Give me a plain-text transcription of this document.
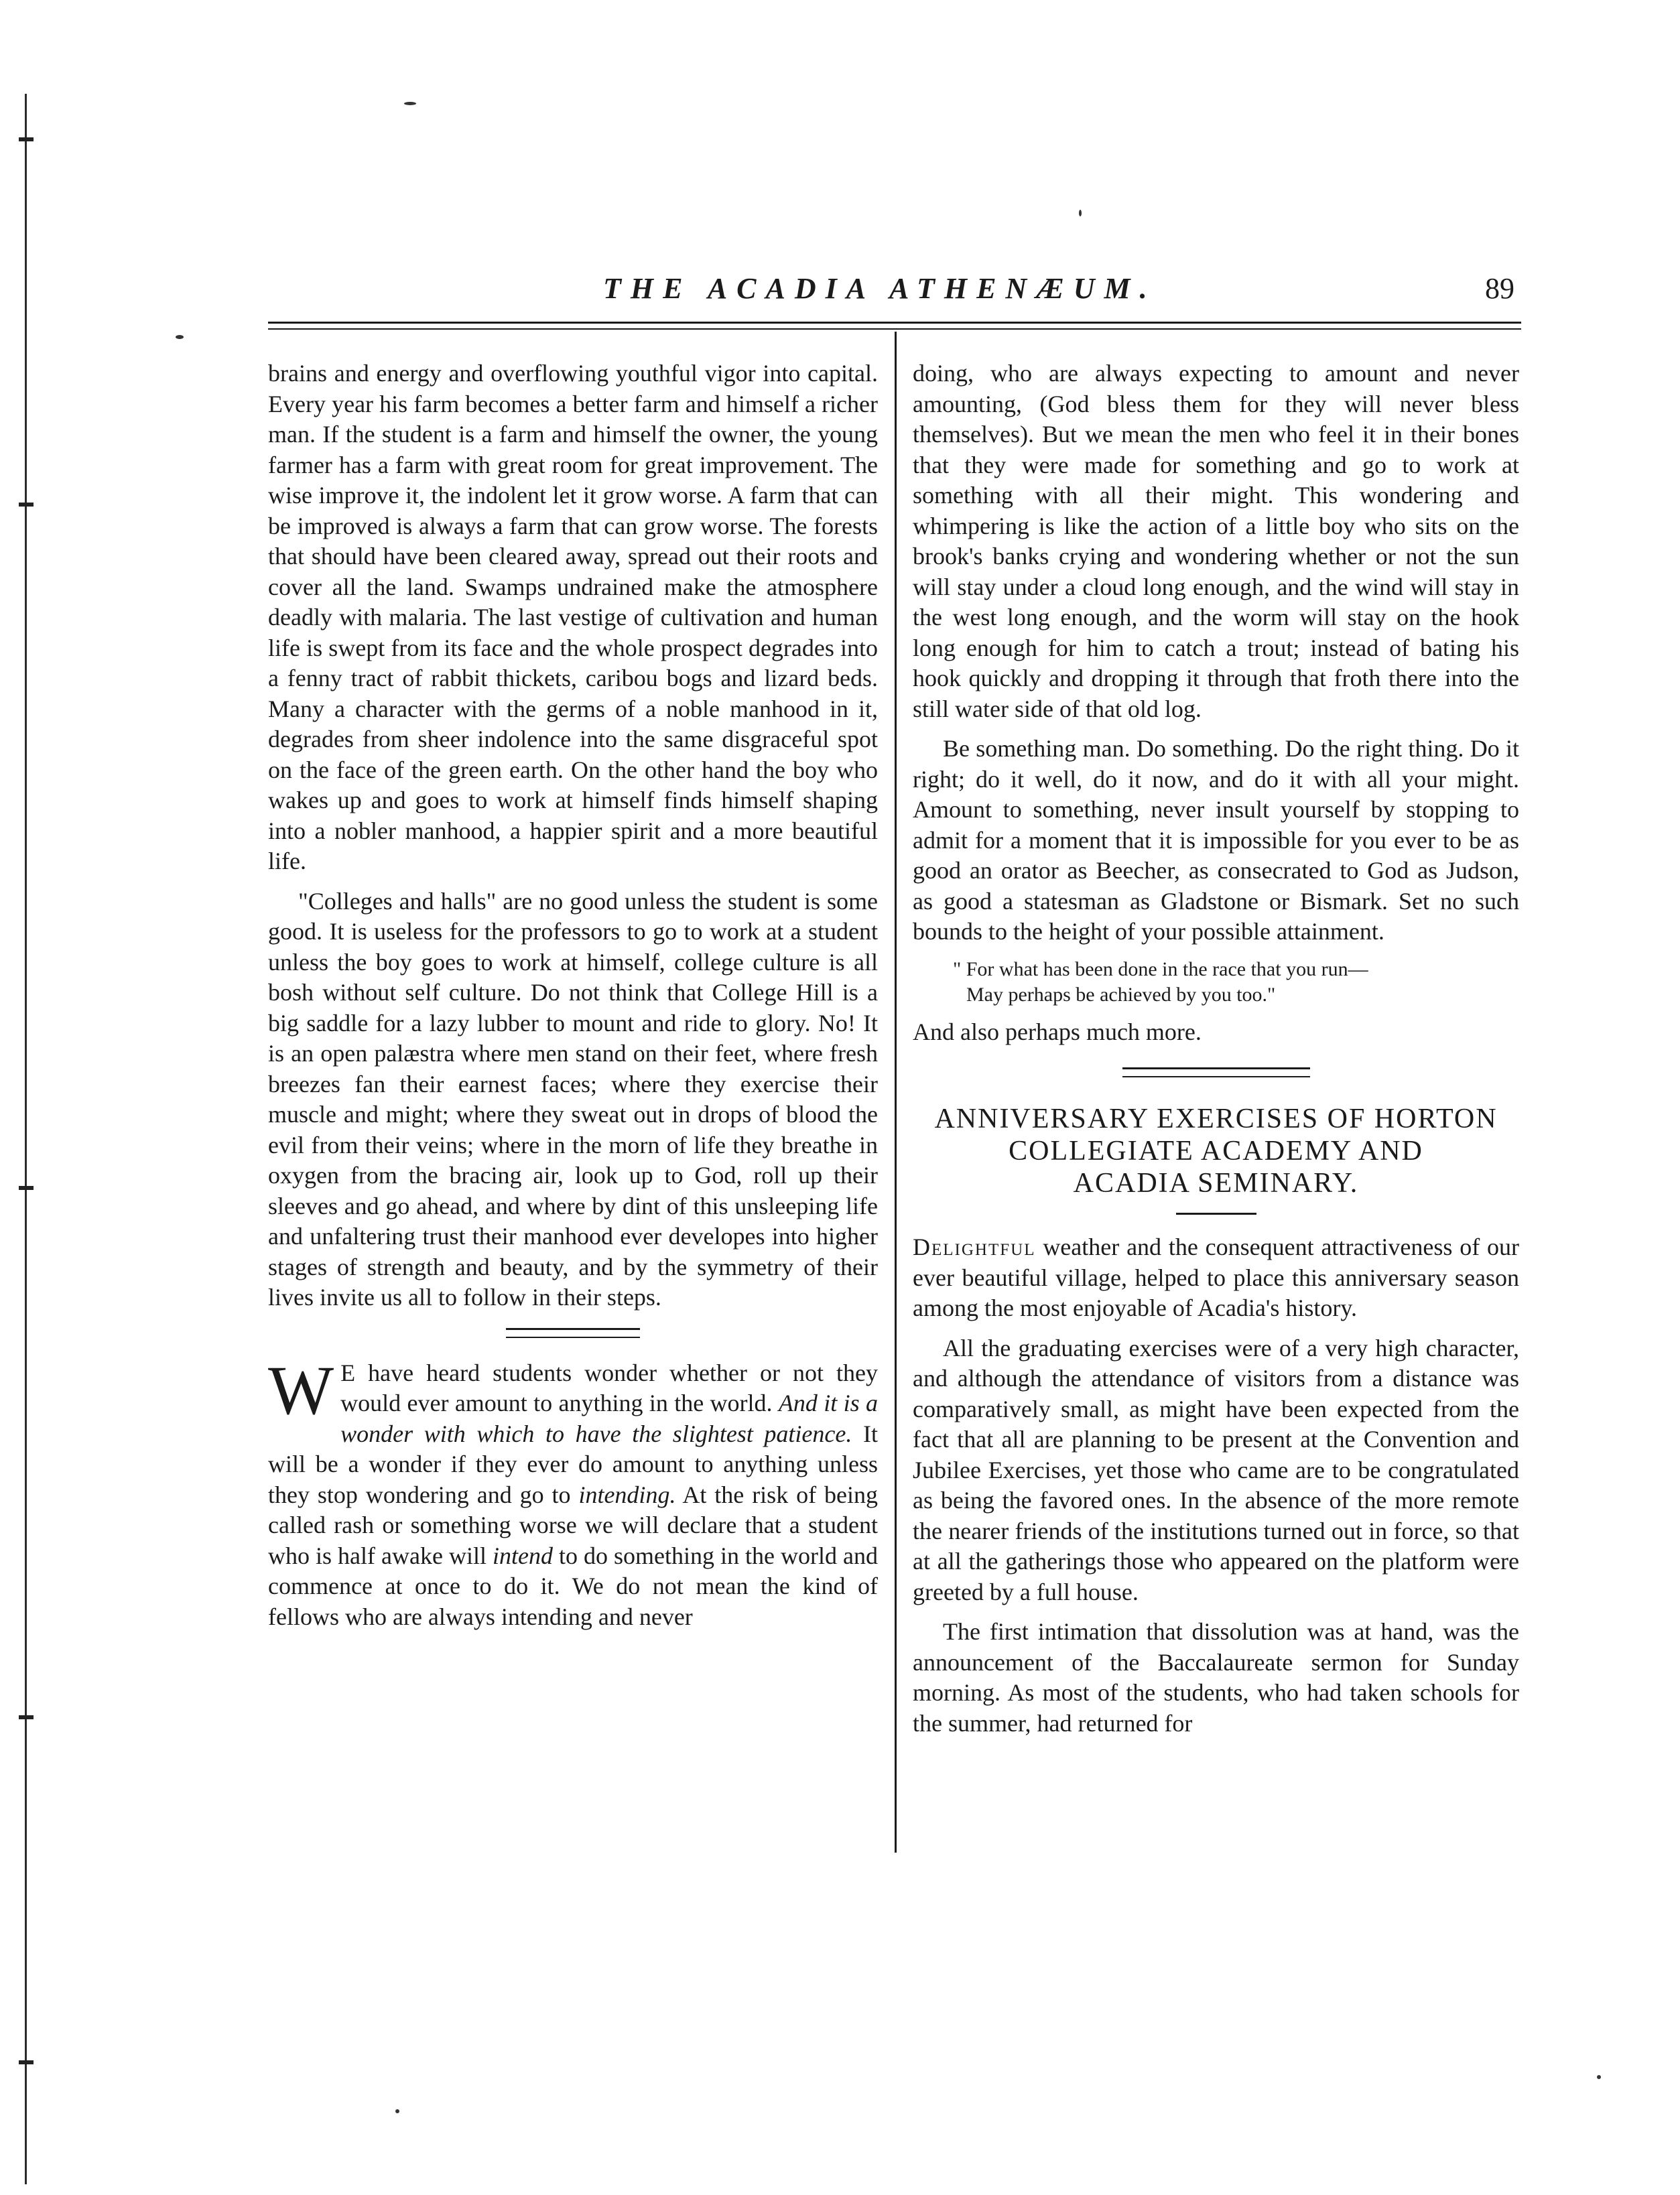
THE ACADIA ATHENÆUM.	89

brains and energy and overflowing youthful vigor into capital. Every year his farm becomes a better farm and himself a richer man. If the student is a farm and himself the owner, the young farmer has a farm with great room for great improvement. The wise improve it, the indolent let it grow worse. A farm that can be improved is always a farm that can grow worse. The forests that should have been cleared away, spread out their roots and cover all the land. Swamps undrained make the atmosphere deadly with malaria. The last vestige of cultivation and human life is swept from its face and the whole prospect degrades into a fenny tract of rabbit thickets, caribou bogs and lizard beds. Many a character with the germs of a noble manhood in it, degrades from sheer indolence into the same disgraceful spot on the face of the green earth. On the other hand the boy who wakes up and goes to work at himself finds himself shaping into a nobler manhood, a happier spirit and a more beautiful life.

"Colleges and halls" are no good unless the student is some good. It is useless for the professors to go to work at a student unless the boy goes to work at himself, college culture is all bosh without self culture. Do not think that College Hill is a big saddle for a lazy lubber to mount and ride to glory. No! It is an open palæstra where men stand on their feet, where fresh breezes fan their earnest faces; where they exercise their muscle and might; where they sweat out in drops of blood the evil from their veins; where in the morn of life they breathe in oxygen from the bracing air, look up to God, roll up their sleeves and go ahead, and where by dint of this unsleeping life and unfaltering trust their manhood ever developes into higher stages of strength and beauty, and by the symmetry of their lives invite us all to follow in their steps.

W E have heard students wonder whether or not they would ever amount to anything in the world. And it is a wonder with which to have the slightest patience. It will be a wonder if they ever do amount to anything unless they stop wondering and go to intending. At the risk of being called rash or something worse we will declare that a student who is half awake will intend to do something in the world and commence at once to do it. We do not mean the kind of fellows who are always intending and never

doing, who are always expecting to amount and never amounting, (God bless them for they will never bless themselves). But we mean the men who feel it in their bones that they were made for something and go to work at something with all their might. This wondering and whimpering is like the action of a little boy who sits on the brook's banks crying and wondering whether or not the sun will stay under a cloud long enough, and the wind will stay in the west long enough, and the worm will stay on the hook long enough for him to catch a trout; instead of bating his hook quickly and dropping it through that froth there into the still water side of that old log.

Be something man. Do something. Do the right thing. Do it right; do it well, do it now, and do it with all your might. Amount to something, never insult yourself by stopping to admit for a moment that it is impossible for you ever to be as good an orator as Beecher, as consecrated to God as Judson, as good a statesman as Gladstone or Bismark. Set no such bounds to the height of your possible attainment.

" For what has been done in the race that you run—
May perhaps be achieved by you too."

And also perhaps much more.

ANNIVERSARY EXERCISES OF HORTON
COLLEGIATE ACADEMY AND
ACADIA SEMINARY.

Delightful weather and the consequent attractiveness of our ever beautiful village, helped to place this anniversary season among the most enjoyable of Acadia's history.

All the graduating exercises were of a very high character, and although the attendance of visitors from a distance was comparatively small, as might have been expected from the fact that all are planning to be present at the Convention and Jubilee Exercises, yet those who came are to be congratulated as being the favored ones. In the absence of the more remote the nearer friends of the institutions turned out in force, so that at all the gatherings those who appeared on the platform were greeted by a full house.

The first intimation that dissolution was at hand, was the announcement of the Baccalaureate sermon for Sunday morning. As most of the students, who had taken schools for the summer, had returned for
